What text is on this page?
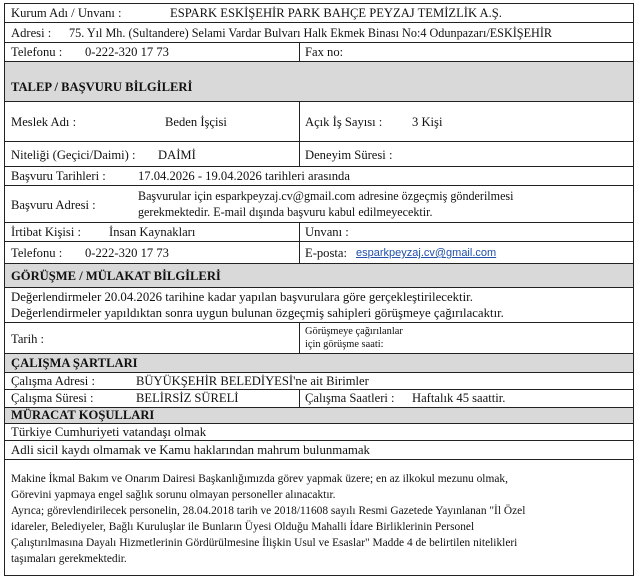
Kurum Adı / Unvanı :	ESPARK ESKİŞEHİR PARK BAHÇE PEYZAJ TEMİZLİK A.Ş.
Adresi : 75. Yıl Mh. (Sultandere) Selami Vardar Bulvarı Halk Ekmek Binası No:4 Odunpazarı/ESKİŞEHİR
Telefonu : 0-222-320 17 73	Fax no:
TALEP / BAŞVURU BİLGİLERİ
Meslek Adı :	Beden İşçisi	Açık İş Sayısı : 3 Kişi
Niteliği (Geçici/Daimi) : DAİMİ	Deneyim Süresi :
Başvuru Tarihleri :	17.04.2026 - 19.04.2026 tarihleri arasında
Başvuru Adresi :
Başvurular için esparkpeyzaj.cv@gmail.com adresine özgeçmiş gönderilmesi
gerekmektedir. E-mail dışında başvuru kabul edilmeyecektir.
İrtibat Kişisi : İnsan Kaynakları	Unvanı :
Telefonu : 0-222-320 17 73	E-posta: esparkpeyzaj.cv@gmail.com
GÖRÜŞME / MÜLAKAT BİLGİLERİ
Değerlendirmeler 20.04.2026 tarihine kadar yapılan başvurulara göre gerçekleştirilecektir.
Değerlendirmeler yapıldıktan sonra uygun bulunan özgeçmiş sahipleri görüşmeye çağırılacaktır.
Tarih :
Görüşmeye çağırılanlar
için görüşme saati:
ÇALIŞMA ŞARTLARI
Çalışma Adresi :	BÜYÜKŞEHİR BELEDİYESİ'ne ait Birimler
Çalışma Süresi :	BELİRSİZ SÜRELİ	Çalışma Saatleri : Haftalık 45 saattir.
MÜRACAT KOŞULLARI
Türkiye Cumhuriyeti vatandaşı olmak
Adli sicil kaydı olmamak ve Kamu haklarından mahrum bulunmamak
Makine İkmal Bakım ve Onarım Dairesi Başkanlığımızda görev yapmak üzere; en az ilkokul mezunu olmak,
Görevini yapmaya engel sağlık sorunu olmayan personeller alınacaktır.
Ayrıca; görevlendirilecek personelin, 28.04.2018 tarih ve 2018/11608 sayılı Resmi Gazetede Yayınlanan "İl Özel
idareler, Belediyeler, Bağlı Kuruluşlar ile Bunların Üyesi Olduğu Mahalli İdare Birliklerinin Personel
Çalıştırılmasına Dayalı Hizmetlerinin Gördürülmesine İlişkin Usul ve Esaslar" Madde 4 de belirtilen nitelikleri
taşımaları gerekmektedir.
